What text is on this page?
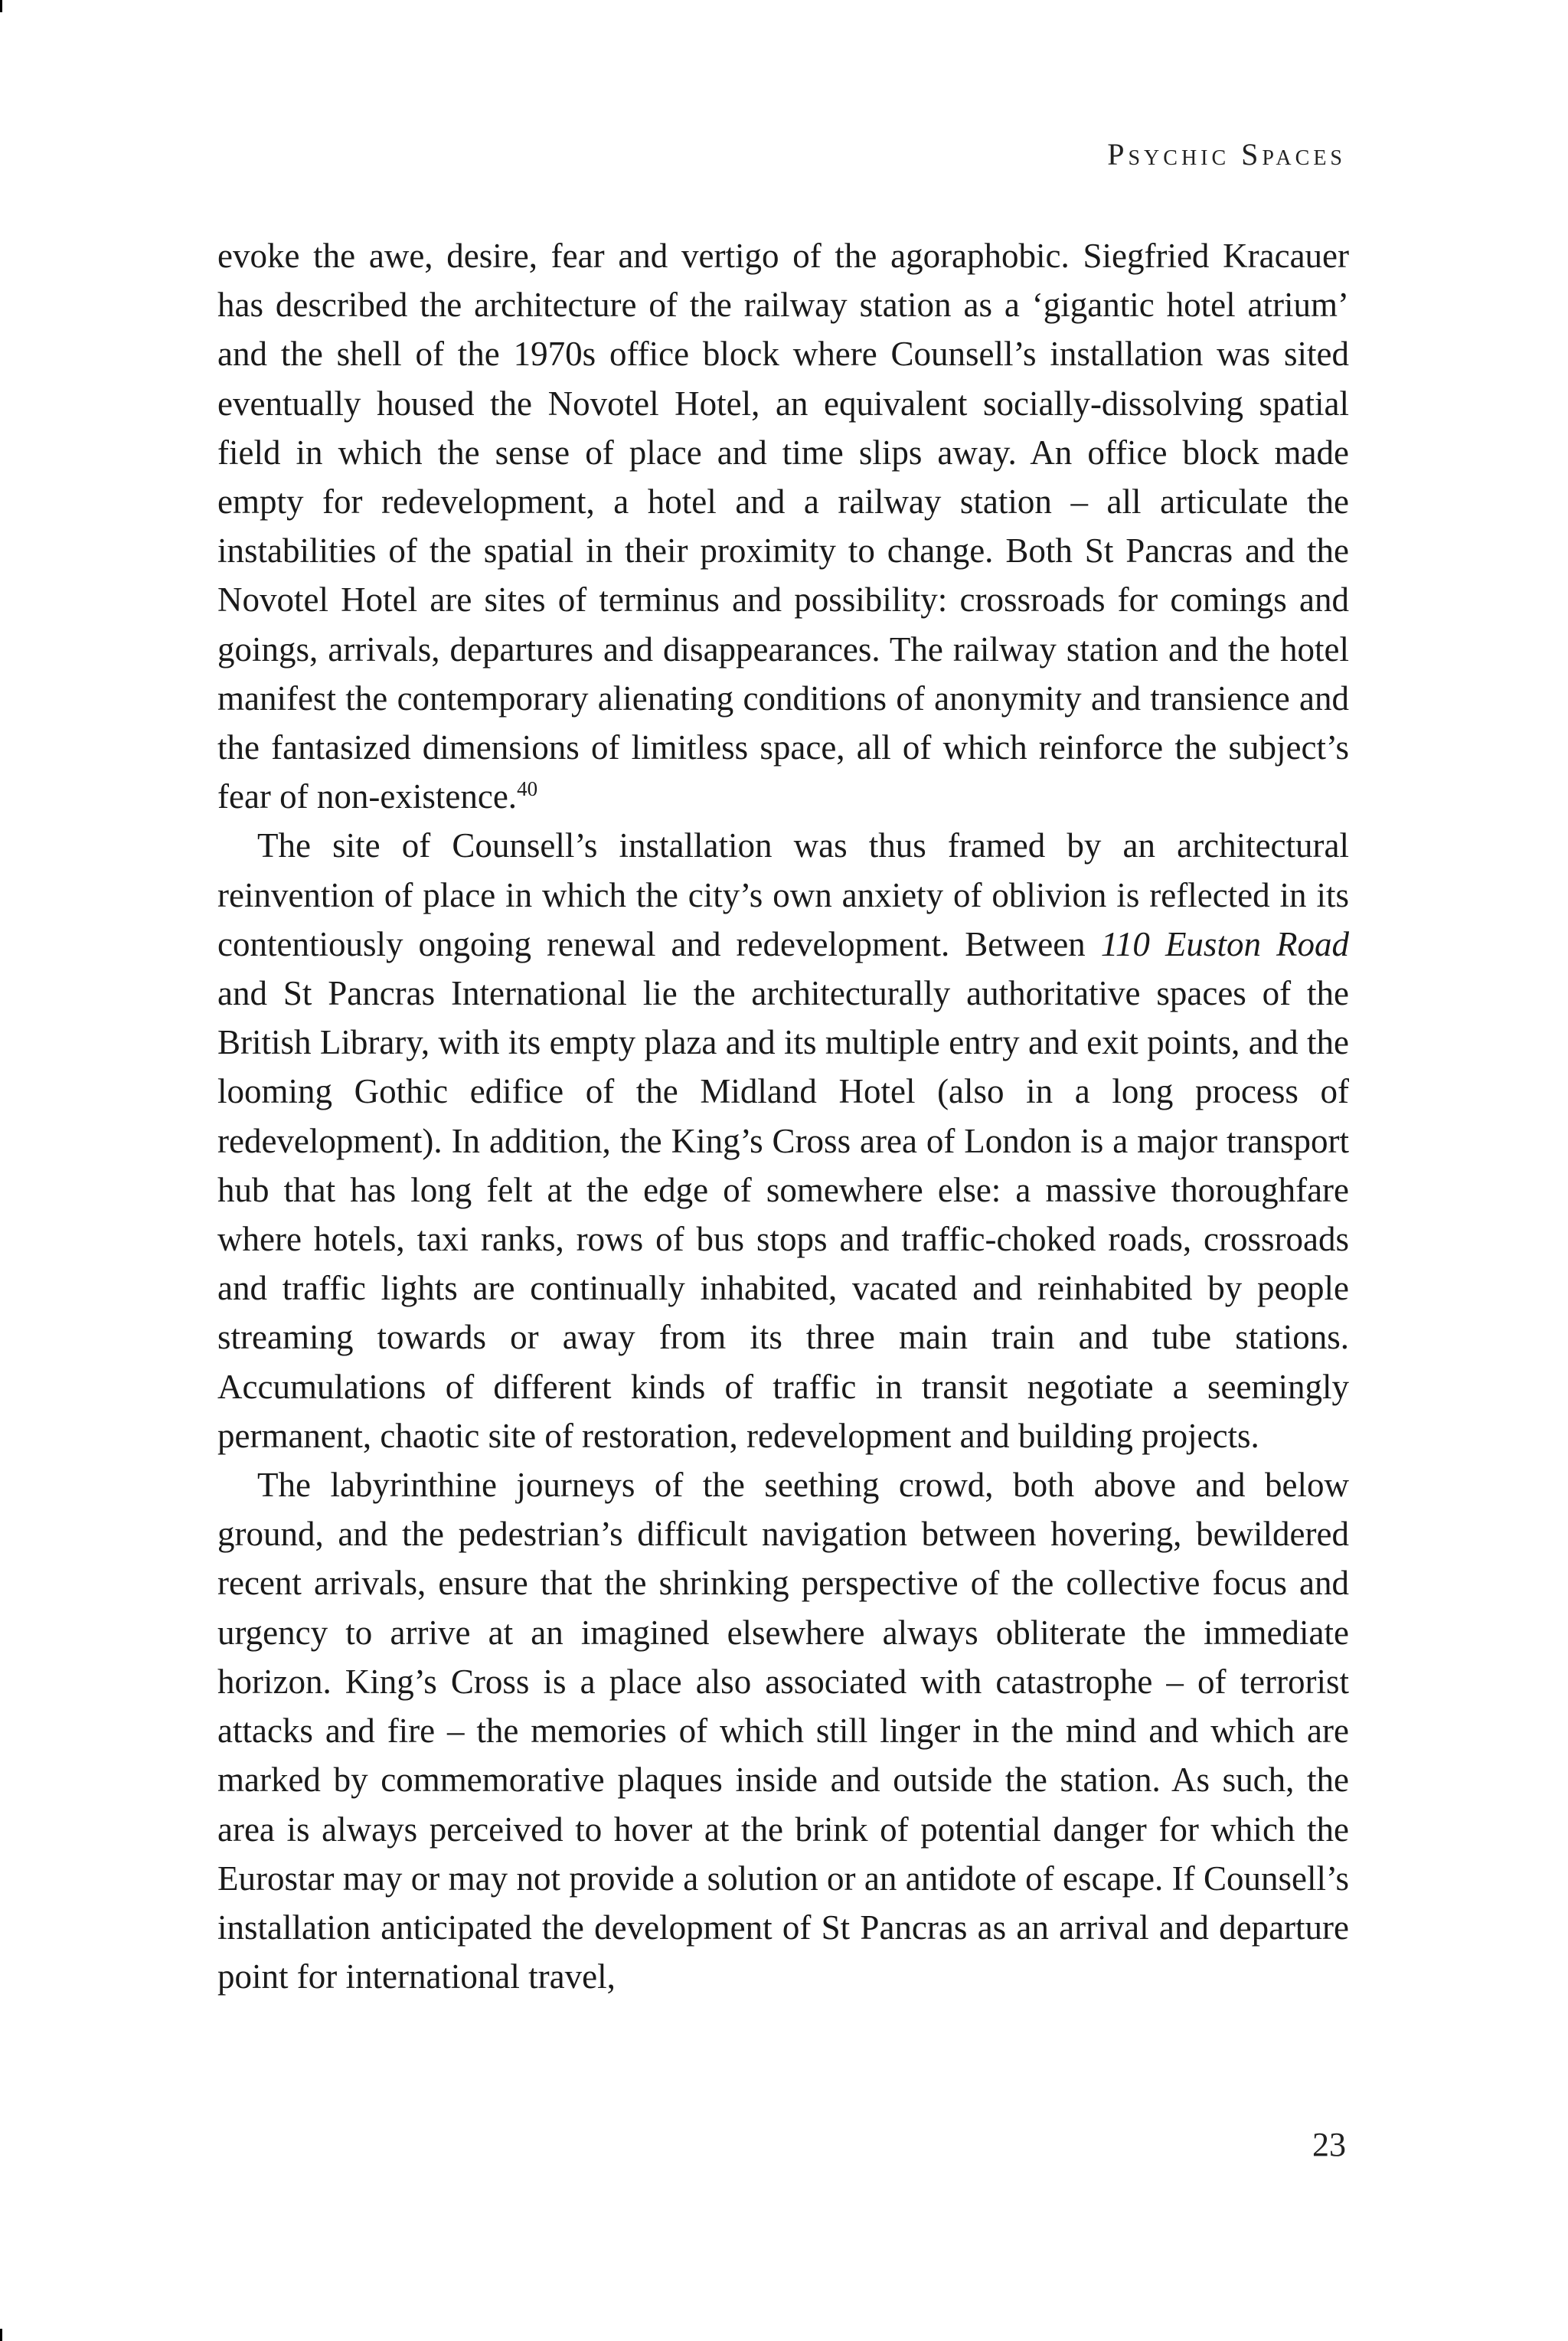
Psychic Spaces

evoke the awe, desire, fear and vertigo of the agoraphobic. Siegfried Kracauer has described the architecture of the railway station as a ‘gigantic hotel atrium’ and the shell of the 1970s office block where Counsell’s installation was sited eventually housed the Novotel Hotel, an equivalent socially-dissolving spatial field in which the sense of place and time slips away. An office block made empty for redevelopment, a hotel and a railway station – all articulate the instabilities of the spatial in their proximity to change. Both St Pancras and the Novotel Hotel are sites of terminus and possibility: crossroads for comings and goings, arrivals, departures and disappearances. The railway station and the hotel manifest the contemporary alienating conditions of anonymity and transience and the fantasized dimensions of limitless space, all of which reinforce the subject’s fear of non-existence.$^{40}$

The site of Counsell’s installation was thus framed by an architectural reinvention of place in which the city’s own anxiety of oblivion is reflected in its contentiously ongoing renewal and redevelopment. Between 110 Euston Road and St Pancras International lie the architecturally authoritative spaces of the British Library, with its empty plaza and its multiple entry and exit points, and the looming Gothic edifice of the Midland Hotel (also in a long process of redevelopment). In addition, the King’s Cross area of London is a major transport hub that has long felt at the edge of somewhere else: a massive thoroughfare where hotels, taxi ranks, rows of bus stops and traffic-choked roads, crossroads and traffic lights are continually inhabited, vacated and reinhabited by people streaming towards or away from its three main train and tube stations. Accumulations of different kinds of traffic in transit negotiate a seemingly permanent, chaotic site of restoration, redevelopment and building projects.

The labyrinthine journeys of the seething crowd, both above and below ground, and the pedestrian’s difficult navigation between hovering, bewildered recent arrivals, ensure that the shrinking perspective of the collective focus and urgency to arrive at an imagined elsewhere always obliterate the immediate horizon. King’s Cross is a place also associated with catastrophe – of terrorist attacks and fire – the memories of which still linger in the mind and which are marked by commemorative plaques inside and outside the station. As such, the area is always perceived to hover at the brink of potential danger for which the Eurostar may or may not provide a solution or an antidote of escape. If Counsell’s installation anticipated the development of St Pancras as an arrival and departure point for international travel,

23
